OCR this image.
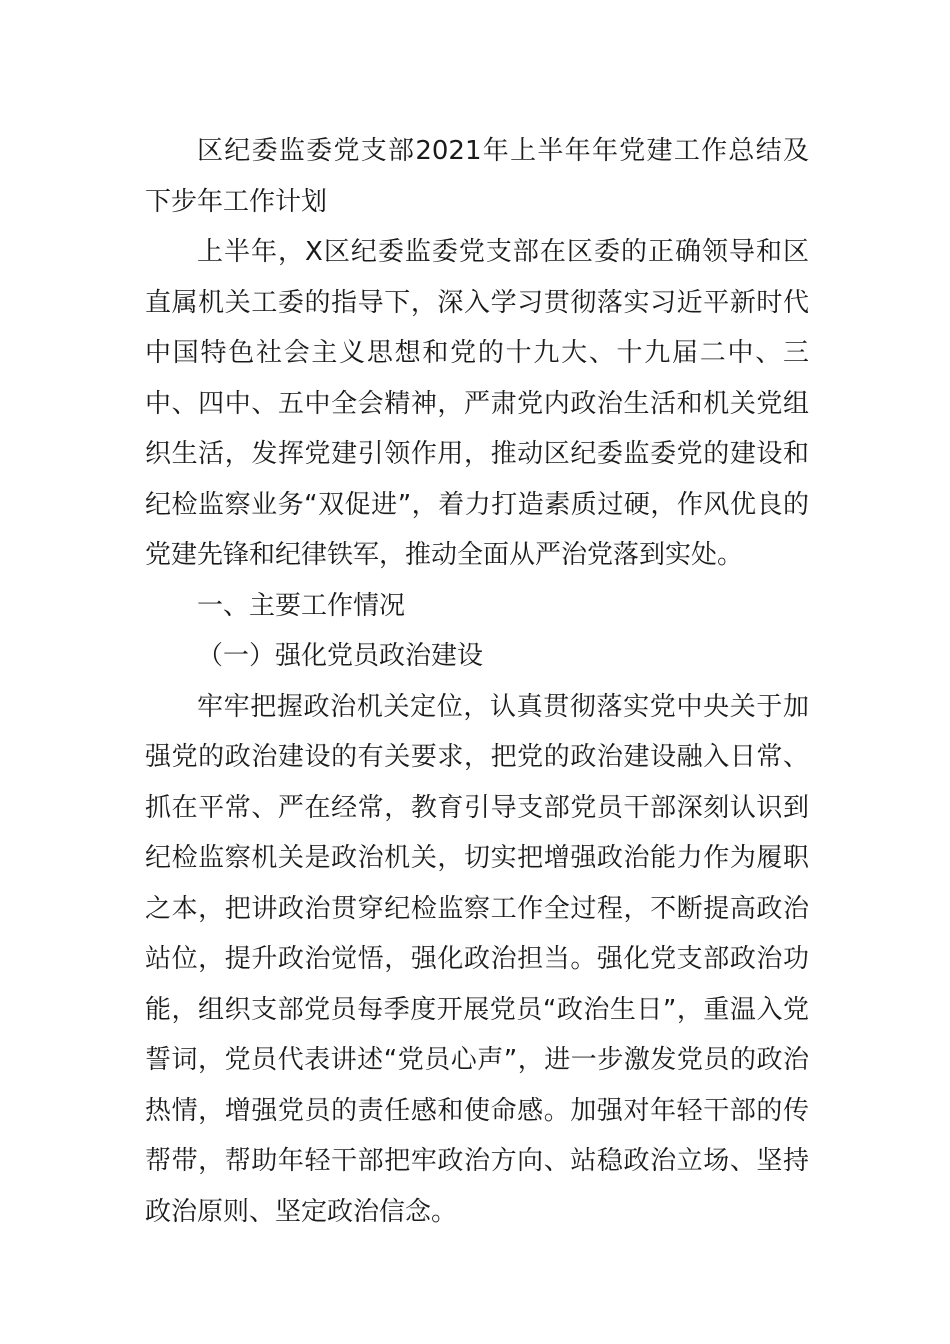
区纪委监委党支部2021年上半年年党建工作总结及下步年工作计划

上半年，X区纪委监委党支部在区委的正确领导和区直属机关工委的指导下，深入学习贯彻落实习近平新时代中国特色社会主义思想和党的十九大、十九届二中、三中、四中、五中全会精神，严肃党内政治生活和机关党组织生活，发挥党建引领作用，推动区纪委监委党的建设和纪检监察业务“双促进”，着力打造素质过硬，作风优良的党建先锋和纪律铁军，推动全面从严治党落到实处。

一、主要工作情况

（一）强化党员政治建设

牢牢把握政治机关定位，认真贯彻落实党中央关于加强党的政治建设的有关要求，把党的政治建设融入日常、抓在平常、严在经常，教育引导支部党员干部深刻认识到纪检监察机关是政治机关，切实把增强政治能力作为履职之本，把讲政治贯穿纪检监察工作全过程，不断提高政治站位，提升政治觉悟，强化政治担当。强化党支部政治功能，组织支部党员每季度开展党员“政治生日”，重温入党誓词，党员代表讲述“党员心声”，进一步激发党员的政治热情，增强党员的责任感和使命感。加强对年轻干部的传帮带，帮助年轻干部把牢政治方向、站稳政治立场、坚持政治原则、坚定政治信念。
